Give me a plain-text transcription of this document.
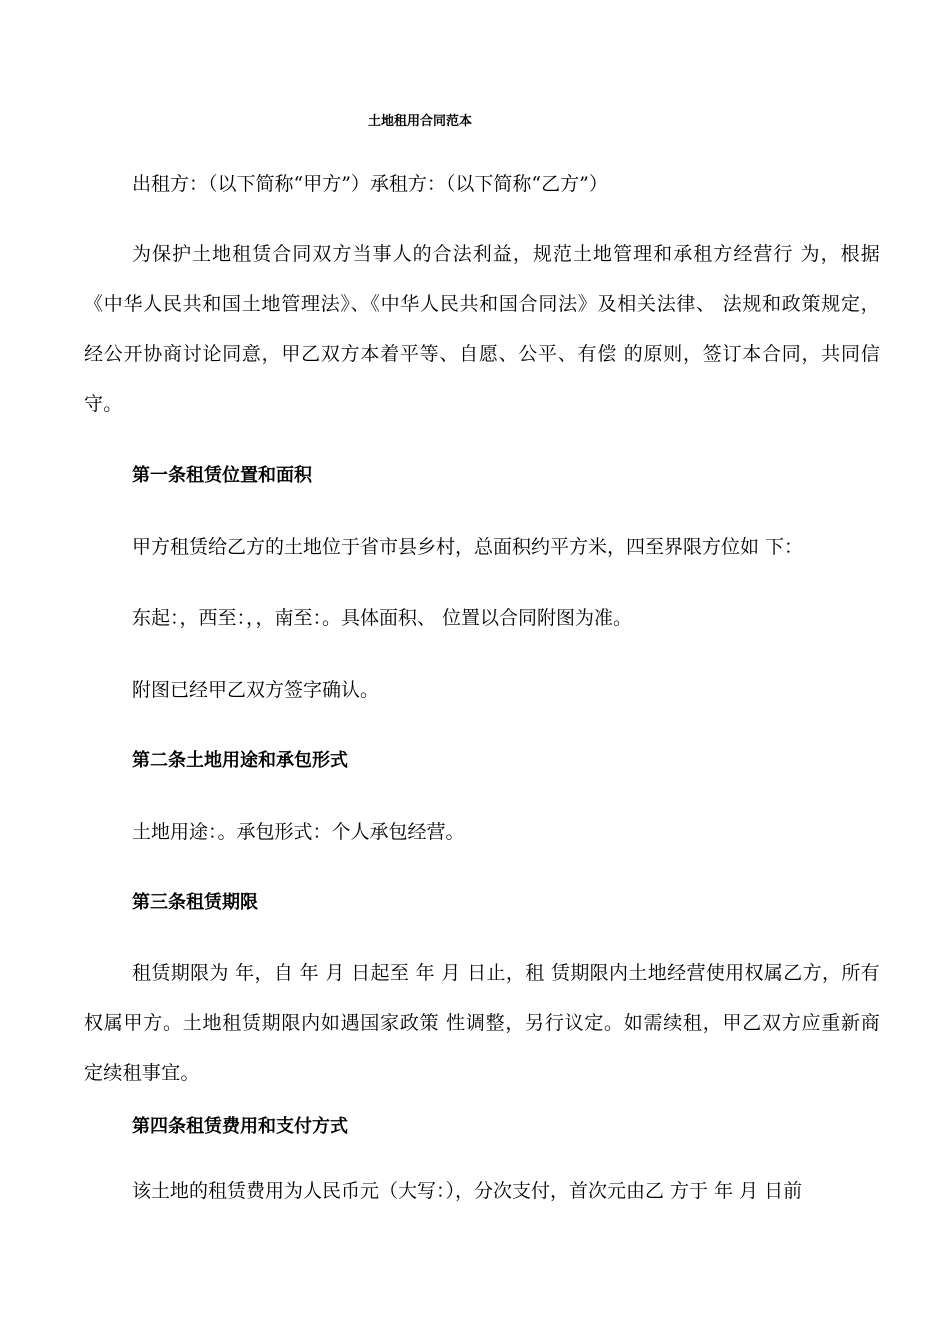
土地租用合同范本
出租方：（以下简称“甲方”）承租方：（以下简称“乙方”）
为保护土地租赁合同双方当事人的合法利益，规范土地管理和承租方经营行 为，根据《中华人民共和国土地管理法》、《中华人民共和国合同法》及相关法律、 法规和政策规定，经公开协商讨论同意，甲乙双方本着平等、自愿、公平、有偿 的原则，签订本合同，共同信守。
第一条租赁位置和面积
甲方租赁给乙方的土地位于省市县乡村，总面积约平方米，四至界限方位如 下：
东起：，西至：，，南至：。具体面积、 位置以合同附图为准。
附图已经甲乙双方签字确认。
第二条土地用途和承包形式
土地用途：。承包形式：个人承包经营。
第三条租赁期限
租赁期限为 年，自 年 月 日起至 年 月 日止，租 赁期限内土地经营使用权属乙方，所有权属甲方。土地租赁期限内如遇国家政策 性调整，另行议定。如需续租，甲乙双方应重新商定续租事宜。
第四条租赁费用和支付方式
该土地的租赁费用为人民币元（大写：），分次支付，首次元由乙 方于 年 月 日前
